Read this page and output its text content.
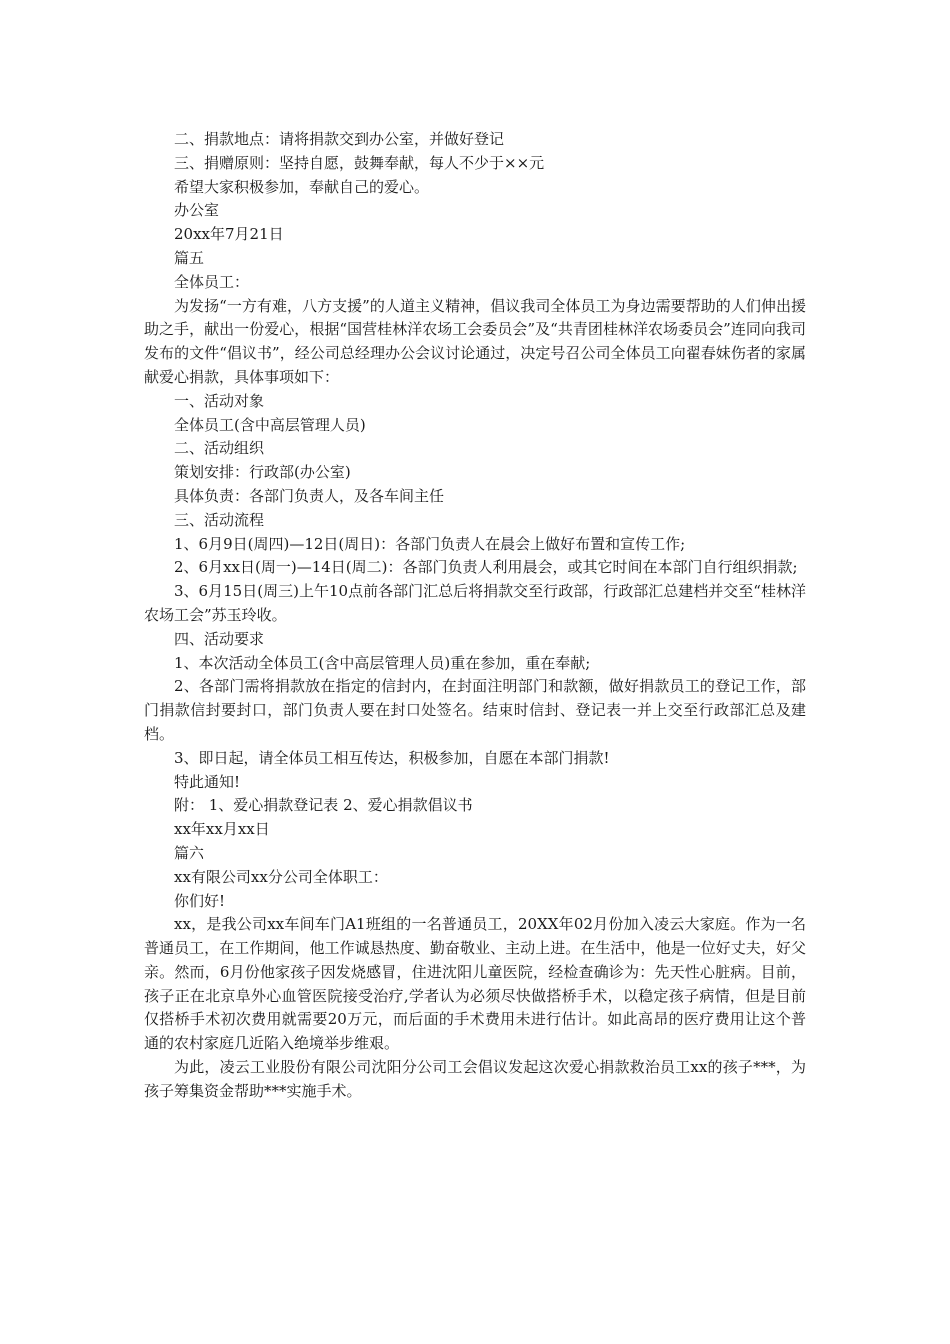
二、捐款地点：请将捐款交到办公室，并做好登记

三、捐赠原则：坚持自愿，鼓舞奉献，每人不少于××元

希望大家积极参加，奉献自己的爱心。

办公室

20xx年7月21日

篇五

全体员工：

为发扬“一方有难，八方支援”的人道主义精神，倡议我司全体员工为身边需要帮助的人们伸出援助之手，献出一份爱心，根据“国营桂林洋农场工会委员会”及“共青团桂林洋农场委员会”连同向我司发布的文件“倡议书”，经公司总经理办公会议讨论通过，决定号召公司全体员工向翟春妹伤者的家属献爱心捐款，具体事项如下：

一、活动对象

全体员工(含中高层管理人员)

二、活动组织

策划安排：行政部(办公室)

具体负责：各部门负责人，及各车间主任

三、活动流程

1、6月9日(周四)—12日(周日)：各部门负责人在晨会上做好布置和宣传工作;

2、6月xx日(周一)—14日(周二)：各部门负责人利用晨会，或其它时间在本部门自行组织捐款;

3、6月15日(周三)上午10点前各部门汇总后将捐款交至行政部，行政部汇总建档并交至“桂林洋农场工会”苏玉玲收。

四、活动要求

1、本次活动全体员工(含中高层管理人员)重在参加，重在奉献;

2、各部门需将捐款放在指定的信封内，在封面注明部门和款额，做好捐款员工的登记工作，部门捐款信封要封口，部门负责人要在封口处签名。结束时信封、登记表一并上交至行政部汇总及建档。

3、即日起，请全体员工相互传达，积极参加，自愿在本部门捐款!

特此通知!

附： 1、爱心捐款登记表 2、爱心捐款倡议书

xx年xx月xx日

篇六

xx有限公司xx分公司全体职工：

你们好!

xx，是我公司xx车间车门A1班组的一名普通员工，20XX年02月份加入凌云大家庭。作为一名普通员工，在工作期间，他工作诚恳热度、勤奋敬业、主动上进。在生活中，他是一位好丈夫，好父亲。然而，6月份他家孩子因发烧感冒，住进沈阳儿童医院，经检查确诊为：先天性心脏病。目前，孩子正在北京阜外心血管医院接受治疗,学者认为必须尽快做搭桥手术，以稳定孩子病情，但是目前仅搭桥手术初次费用就需要20万元，而后面的手术费用未进行估计。如此高昂的医疗费用让这个普通的农村家庭几近陷入绝境举步维艰。

为此，凌云工业股份有限公司沈阳分公司工会倡议发起这次爱心捐款救治员工xx的孩子***，为孩子筹集资金帮助***实施手术。
